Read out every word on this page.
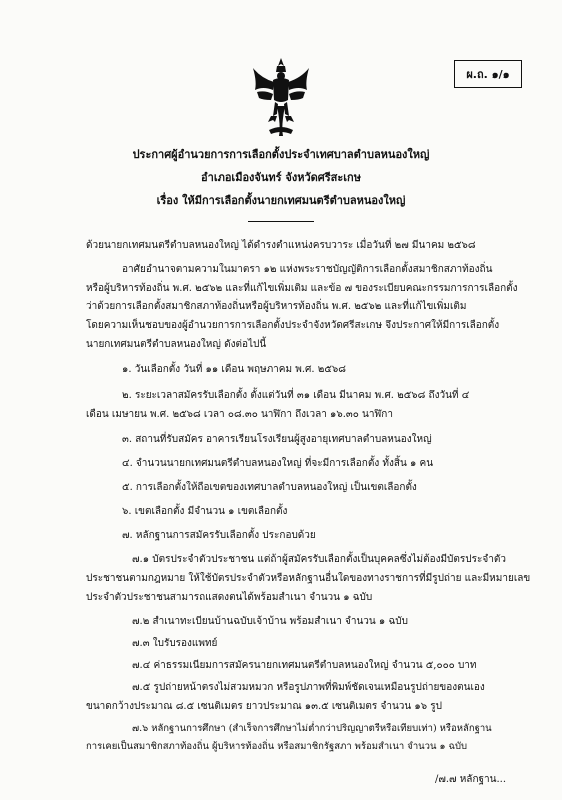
ผ.ถ. ๑/๑
ประกาศผู้อำนวยการการเลือกตั้งประจำเทศบาลตำบลหนองใหญ่
อำเภอเมืองจันทร์ จังหวัดศรีสะเกษ
เรื่อง ให้มีการเลือกตั้งนายกเทศมนตรีตำบลหนองใหญ่
ด้วยนายกเทศมนตรีตำบลหนองใหญ่ ได้ดำรงตำแหน่งครบวาระ เมื่อวันที่ ๒๗ มีนาคม ๒๕๖๘
อาศัยอำนาจตามความในมาตรา ๑๒ แห่งพระราชบัญญัติการเลือกตั้งสมาชิกสภาท้องถิ่น
หรือผู้บริหารท้องถิ่น พ.ศ. ๒๕๖๒ และที่แก้ไขเพิ่มเติม และข้อ ๗ ของระเบียบคณะกรรมการการเลือกตั้ง
ว่าด้วยการเลือกตั้งสมาชิกสภาท้องถิ่นหรือผู้บริหารท้องถิ่น พ.ศ. ๒๕๖๒ และที่แก้ไขเพิ่มเติม
โดยความเห็นชอบของผู้อำนวยการการเลือกตั้งประจำจังหวัดศรีสะเกษ จึงประกาศให้มีการเลือกตั้ง
นายกเทศมนตรีตำบลหนองใหญ่ ดังต่อไปนี้
๑. วันเลือกตั้ง วันที่ ๑๑ เดือน พฤษภาคม พ.ศ. ๒๕๖๘
๒. ระยะเวลาสมัครรับเลือกตั้ง ตั้งแต่วันที่ ๓๑ เดือน มีนาคม พ.ศ. ๒๕๖๘ ถึงวันที่ ๔
เดือน เมษายน พ.ศ. ๒๕๖๘ เวลา ๐๘.๓๐ นาฬิกา ถึงเวลา ๑๖.๓๐ นาฬิกา
๓. สถานที่รับสมัคร อาคารเรียนโรงเรียนผู้สูงอายุเทศบาลตำบลหนองใหญ่
๔. จำนวนนายกเทศมนตรีตำบลหนองใหญ่ ที่จะมีการเลือกตั้ง ทั้งสิ้น ๑ คน
๕. การเลือกตั้งให้ถือเขตของเทศบาลตำบลหนองใหญ่ เป็นเขตเลือกตั้ง
๖. เขตเลือกตั้ง มีจำนวน ๑ เขตเลือกตั้ง
๗. หลักฐานการสมัครรับเลือกตั้ง ประกอบด้วย
๗.๑ บัตรประจำตัวประชาชน แต่ถ้าผู้สมัครรับเลือกตั้งเป็นบุคคลซึ่งไม่ต้องมีบัตรประจำตัว
ประชาชนตามกฎหมาย ให้ใช้บัตรประจำตัวหรือหลักฐานอื่นใดของทางราชการที่มีรูปถ่าย และมีหมายเลข
ประจำตัวประชาชนสามารถแสดงตนได้พร้อมสำเนา จำนวน ๑ ฉบับ
๗.๒ สำเนาทะเบียนบ้านฉบับเจ้าบ้าน พร้อมสำเนา จำนวน ๑ ฉบับ
๗.๓ ใบรับรองแพทย์
๗.๔ ค่าธรรมเนียมการสมัครนายกเทศมนตรีตำบลหนองใหญ่ จำนวน ๕,๐๐๐ บาท
๗.๕ รูปถ่ายหน้าตรงไม่สวมหมวก หรือรูปภาพที่พิมพ์ชัดเจนเหมือนรูปถ่ายของตนเอง
ขนาดกว้างประมาณ ๘.๕ เซนติเมตร ยาวประมาณ ๑๓.๕ เซนติเมตร จำนวน ๑๖ รูป
๗.๖ หลักฐานการศึกษา (สำเร็จการศึกษาไม่ต่ำกว่าปริญญาตรีหรือเทียบเท่า) หรือหลักฐาน
การเคยเป็นสมาชิกสภาท้องถิ่น ผู้บริหารท้องถิ่น หรือสมาชิกรัฐสภา พร้อมสำเนา จำนวน ๑ ฉบับ
/๗.๗ หลักฐาน...
